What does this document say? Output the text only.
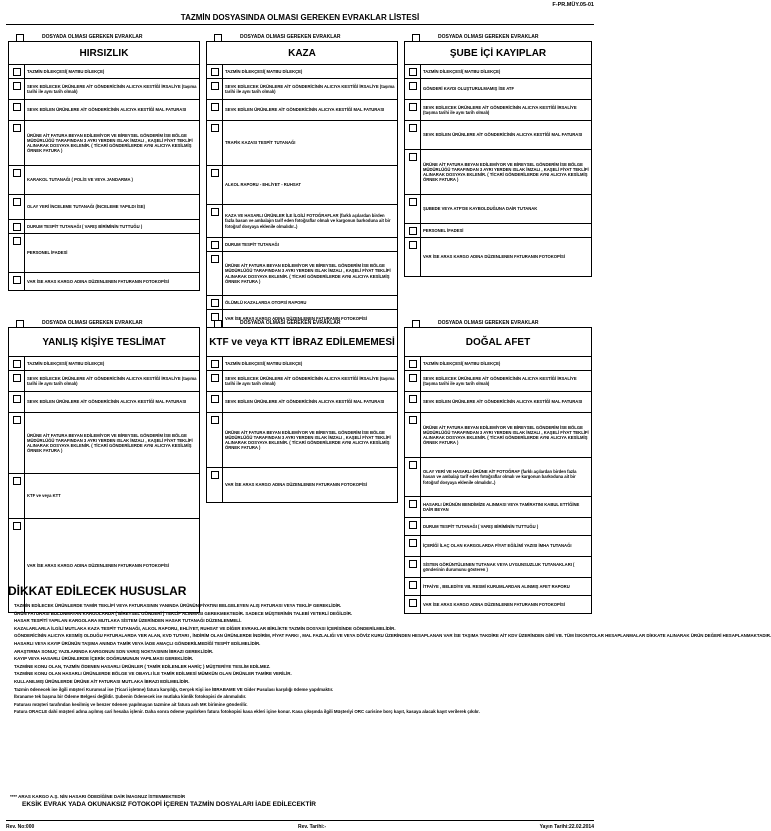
F-PR.MÜY.05-01
TAZMİN DOSYASINDA OLMASI GEREKEN EVRAKLAR LİSTESİ
DOSYADA OLMASI GEREKEN EVRAKLAR
HIRSIZLIK
TAZMİN DİLEKÇESİ( MATBU DİLEKÇE)
SEVK EDİLECEK ÜRÜNLERE AİT GÖNDERİCİNİN ALICIYA KESTİĞİ İRSALİYE (taşıma tarihi ile aynı tarih olmalı)
SEVK EDİLEN ÜRÜNLERE AİT GÖNDERİCİNİN ALICIYA KESTİĞİ MAL FATURASI
ÜRÜNE AİT FATURA BEYAN EDİLEMİYOR VE BİREYSEL GÖNDERİM İSE BÖLGE MÜDÜRLÜĞÜ TARAFINDAN 3 AYRI YERDEN ISLAK İMZALI , KAŞELİ FİYAT TEKLİFİ ALINARAK DOSYAYA EKLENİR. ( TİCARİ GÖNDERİLERDE AYNI ALICIYA KESİLMİŞ ÖRNEK FATURA )
KARAKOL TUTANAĞI ( POLİS VE VEYA JANDARMA )
OLAY YERİ İNCELEME TUTANAĞI (İNCELEME YAPILDI İSE)
DURUM TESPİT TUTANAĞI ( VARIŞ BİRİMİNİN TUTTUĞU )
PERSONEL İFADESİ
VAR İSE ARAS KARGO ADINA DÜZENLENEN FATURANIN FOTOKOPİSİ
DOSYADA OLMASI GEREKEN EVRAKLAR
KAZA
TAZMİN DİLEKÇESİ( MATBU DİLEKÇE)
SEVK EDİLECEK ÜRÜNLERE AİT GÖNDERİCİNİN ALICIYA KESTİĞİ İRSALİYE (taşıma tarihi ile aynı tarih olmalı)
SEVK EDİLEN ÜRÜNLERE AİT GÖNDERİCİNİN ALICIYA KESTİĞİ MAL FATURASI
TRAFİK KAZASI TESPİT TUTANAĞI
ALKOL RAPORU - EHLİYET - RUHSAT
KAZA VE HASARLI ÜRÜNLER İLE İLGİLİ FOTOĞRAFLAR (farklı açılardan birden fazla basan ve ambalajın tarif eden fotoğraflar olmalı ve kargonun barkoduna ait bir fotoğraf dosyaya eklenile olmalıdır..)
DURUM TESPİT TUTANAĞI
ÜRÜNE AİT FATURA BEYAN EDİLEMİYOR VE BİREYSEL GÖNDERİM İSE BÖLGE MÜDÜRLÜĞÜ TARAFINDAN 3 AYRI YERDEN ISLAK İMZALI , KAŞELİ FİYAT TEKLİFİ ALINARAK DOSYAYA EKLENİR. ( TİCARİ GÖNDERİLERDE AYNI ALICIYA KESİLMİŞ ÖRNEK FATURA )
ÖLÜMLÜ KAZALARDA OTOPSİ RAPORU
VAR İSE ARAS KARGO ADINA DÜZENLENEN FATURANIN FOTOKOPİSİ
DOSYADA OLMASI GEREKEN EVRAKLAR
ŞUBE İÇİ KAYIPLAR
TAZMİN DİLEKÇESİ( MATBU DİLEKÇE)
GÖNDERİ KAYDI OLUŞTURULMAMIŞ İSE ATF
SEVK EDİLECEK ÜRÜNLERE AİT GÖNDERİCİNİN ALICIYA KESTİĞİ İRSALİYE (taşıma tarihi ile aynı tarih olmalı)
SEVK EDİLEN ÜRÜNLERE AİT GÖNDERİCİNİN ALICIYA KESTİĞİ MAL FATURASI
ÜRÜNE AİT FATURA BEYAN EDİLEMİYOR VE BİREYSEL GÖNDERİM İSE BÖLGE MÜDÜRLÜĞÜ TARAFINDAN 3 AYRI YERDEN ISLAK İMZALI , KAŞELİ FİYAT TEKLİFİ ALINARAK DOSYAYA EKLENİR. ( TİCARİ GÖNDERİLERDE AYNI ALICIYA KESİLMİŞ ÖRNEK FATURA )
ŞUBEDE VEYA ATF'DE KAYBOLDUĞUNA DAİR TUTANAK
PERSONEL İFADESİ
VAR İSE ARAS KARGO ADINA DÜZENLENEN FATURANIN FOTOKOPİSİ
DOSYADA OLMASI GEREKEN EVRAKLAR
YANLIŞ KİŞİYE TESLİMAT
TAZMİN DİLEKÇESİ( MATBU DİLEKÇE)
SEVK EDİLECEK ÜRÜNLERE AİT GÖNDERİCİNİN ALICIYA KESTİĞİ İRSALİYE (taşıma tarihi ile aynı tarih olmalı)
SEVK EDİLEN ÜRÜNLERE AİT GÖNDERİCİNİN ALICIYA KESTİĞİ MAL FATURASI
ÜRÜNE AİT FATURA BEYAN EDİLEMİYOR VE BİREYSEL GÖNDERİM İSE BÖLGE MÜDÜRLÜĞÜ TARAFINDAN 3 AYRI YERDEN ISLAK İMZALI , KAŞELİ FİYAT TEKLİFİ ALINARAK DOSYAYA EKLENİR. ( TİCARİ GÖNDERİLERDE AYNI ALICIYA KESİLMİŞ ÖRNEK FATURA )
KTF ve veya KTT
VAR İSE ARAS KARGO ADINA DÜZENLENEN FATURANIN FOTOKOPİSİ
DOSYADA OLMASI GEREKEN EVRAKLAR
KTF ve veya KTT İBRAZ EDİLEMEMESİ
TAZMİN DİLEKÇESİ( MATBU DİLEKÇE)
SEVK EDİLECEK ÜRÜNLERE AİT GÖNDERİCİNİN ALICIYA KESTİĞİ İRSALİYE (taşıma tarihi ile aynı tarih olmalı)
SEVK EDİLEN ÜRÜNLERE AİT GÖNDERİCİNİN ALICIYA KESTİĞİ MAL FATURASI
ÜRÜNE AİT FATURA BEYAN EDİLEMİYOR VE BİREYSEL GÖNDERİM İSE BÖLGE MÜDÜRLÜĞÜ TARAFINDAN 3 AYRI YERDEN ISLAK İMZALI , KAŞELİ FİYAT TEKLİFİ ALINARAK DOSYAYA EKLENİR. ( TİCARİ GÖNDERİLERDE AYNI ALICIYA KESİLMİŞ ÖRNEK FATURA )
VAR İSE ARAS KARGO ADINA DÜZENLENEN FATURANIN FOTOKOPİSİ
DOSYADA OLMASI GEREKEN EVRAKLAR
DOĞAL AFET
TAZMİN DİLEKÇESİ( MATBU DİLEKÇE)
SEVK EDİLECEK ÜRÜNLERE AİT GÖNDERİCİNİN ALICIYA KESTİĞİ İRSALİYE (taşıma tarihi ile aynı tarih olmalı)
SEVK EDİLEN ÜRÜNLERE AİT GÖNDERİCİNİN ALICIYA KESTİĞİ MAL FATURASI
ÜRÜNE AİT FATURA BEYAN EDİLEMİYOR VE BİREYSEL GÖNDERİM İSE BÖLGE MÜDÜRLÜĞÜ TARAFINDAN 3 AYRI YERDEN ISLAK İMZALI , KAŞELİ FİYAT TEKLİFİ ALINARAK DOSYAYA EKLENİR. ( TİCARİ GÖNDERİLERDE AYNI ALICIYA KESİLMİŞ ÖRNEK FATURA )
OLAY YERİ VE HASARLI ÜRÜNE AİT FOTOĞRAF (farklı açılardan birden fazla hasarı ve ambalajı tarif eden fotoğraflar olmalı ve kargonun barkoduna ait bir fotoğraf dosyaya eklenile olmalıdır..)
HASARLI ÜRÜNÜN BENDİMİZE ALINMASI VEYA TAMİRATINI KABUL ETTİĞİNE DAİR BEYAN
DURUM TESPİT TUTANAĞI ( VARIŞ BİRİMİNİN TUTTUĞU )
İÇERİĞİ İLAÇ OLAN KARGOLARDA FİYAT EĞİLİMİ YAZISI İMHA TUTANAĞI
SİSTEN GÖRÜNTÜLENEN TUTANAK VEYA UYGUNSUZLUK TUTANAKLARI ( gönderinin durumunu gösteren )
İTFAİYE , BELEDİYE VB. RESMİ KURUMLARDAN ALINMIŞ AFET RAPORU
VAR İSE ARAS KARGO ADINA DÜZENLENEN FATURANIN FOTOKOPİSİ
DİKKAT EDİLECEK HUSUSLAR
TAZMİN EDİLECEK ÜRÜNLERDE TAMİR TEKLİFİ VEYA FATURASININ YANINDA ÜRÜNÜN FİYATINI BELGELEYEN ALIŞ FATURASI VEYA TEKLİF GEREKLİDİR.
ÜRÜN FATURASI BULUNMAYAN KARGOLARDA ( BİREYSEL GÖNDERİ ) TEKLİF ALINMASI GEREKMEKTEDİR. SADECE MÜŞTERİNİN TALEBİ YETERLİ DEĞİLDİR.
HASAR TESPİTİ YAPILAN KARGOLARA MUTLAKA SİSTEM ÜZERİNDEN HASAR TUTANAĞI DÜZENLENMELİ.
KAZALARLARLA İLGİLİ MUTLAKA KAZA TESPİT TUTANAĞI, ALKOL RAPORU, EHLİYET, RUHSAT VE DİĞER EVRAKLAR BİRLİKTE TAZMİN DOSYASI İÇERİSİNDE GÖNDERİLMELİDİR.
GÖNDERİCİNİN ALICIYA KESMİŞ OLDUĞU FATURALARDA YER ALAN, KVD TUTARI , İNDİRİM OLAN ÜRÜNLERDE İNDİRİM, FİYAT FARKI , MAL FAZLALIĞI VE VEYA DÖVİZ KURU ÜZERİNDEN HESAPLANAN VAR İSE TAŞIMA TAKDİRE AİT KDV ÜZERİNDEN GİRİ VB. TÜM İSKONTOLAR HESAPLANMALAR DİKKATE ALINARAK ÜRÜN DEĞERİ HESAPLANMAKTADIR.
HASARLI VEYA KAYIP ÜRÜNÜN TAŞIMA ANINDA TAMİR VEYA İADE AMAÇLI GÖNDERİLMEDİĞİ TESPİT EDİLMELİDİR.
ARAŞTIRMA SONUÇ YAZILARINDA KARGONUN SON VARIŞ NOKTASININ İBRAZI GEREKLİDİR.
KAYIP VEYA HASARLI ÜRÜNLERDE İÇERİK DOĞRUMUNUN YAPILMASI GEREKLİDİR.
TAZMİNE KONU OLAN, TAZMİN ÖDENEN HASARLI ÜRÜNLER ( TAMİR EDİLENLER HARİÇ ) MÜŞTERİYE TESLİM EDİLMEZ.
TAZMİNE KONU OLAN HASARLI ÜRÜNLERDE BÖLGE VE OBAYLI İLE TAMİR EDİLMESİ MÜMKÜN OLAN ÜRÜNLER TAMİRE VERİLİR.
KULLANILMIŞ ÜRÜNLERDE ÜRÜNE AİT FATURASI MUTLAKA İBRAZI EDİLMELİDİR.
Tazmin ödenecek ise ilgili müşteri Kurumsal ise (Ticari işletme) fatura karşılığı, Gerçek Kişi ise İBRABAME VE Gider Pusulası karşılığı ödeme yapılmaktır.
İbraname tek başına bir Ödeme Belgesi değildir. Şubenin Ödenecek ise mutlaka kimlik fotokopisi de alınmalıdır.
Faturası müşteri tarafından kesilmiş ve benzer ödenen yapılmayan tazmine ait fatura ash MK birimine gönderilir.
Fatura ORACLE dahi müşteri adına açılmış cari hesaba işlenir. Daha sonra ödeme yapılırken fatura fotokopisi kasa ekleri içine konur. Kasa çıkışında ilgili Müşteriyi ORC carisine borç kayıt, kasaya alacak kayıt verilerek çıkılır.
**** ARAS KARGO A.Ş. NİN HASARI ÖDEDİĞİNE DAİR İMAGNUZ İSTENMEKTEDİR
EKSİK EVRAK YADA OKUNAKSIZ FOTOKOPİ İÇEREN TAZMİN DOSYALARI İADE EDİLECEKTİR
Rev. No:000	Rev. Tarihi:-	Yayın Tarihi:22.02.2014
